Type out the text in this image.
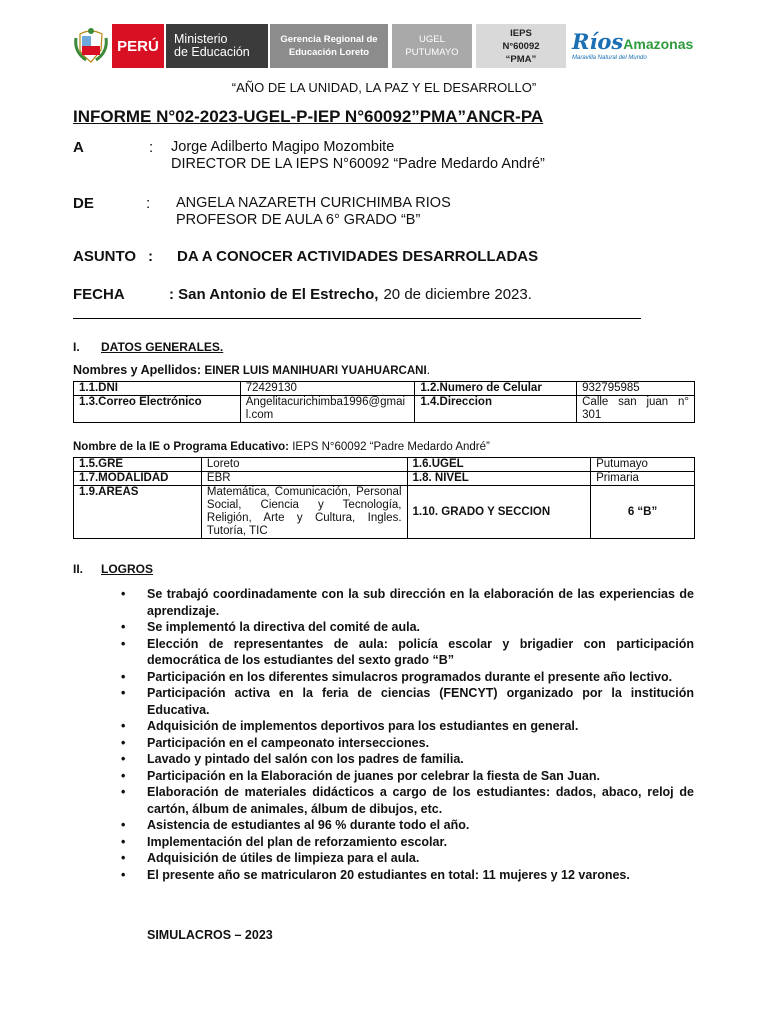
PERÚ	Ministerio
de Educación
Gerencia Regional de
Educación Loreto
UGEL
PUTUMAYO
IEPS
N°60092
“PMA”
RíosAmazonas
Maravilla Natural del Mundo
“AÑO DE LA UNIDAD, LA PAZ Y EL DESARROLLO”
INFORME N°02-2023-UGEL-P-IEP N°60092”PMA”ANCR-PA
A	:	Jorge Adilberto Magipo Mozombite
DIRECTOR DE LA IEPS N°60092 “Padre Medardo André”
DE	:	ANGELA NAZARETH CURICHIMBA RIOS
PROFESOR DE AULA 6° GRADO “B”
ASUNTO :	DA A CONOCER ACTIVIDADES DESARROLLADAS
FECHA	: San Antonio de El Estrecho, 20 de diciembre 2023.
I. DATOS GENERALES.
Nombres y Apellidos: EINER LUIS MANIHUARI YUAHUARCANI.
1.1.DNI	72429130	1.2.Numero de Celular	932795985
1.3.Correo Electrónico	Angelitacurichimba1996@gmail.com	1.4.Direccion	Calle san juan n° 301
Nombre de la IE o Programa Educativo: IEPS N°60092 “Padre Medardo André”
1.5.GRE	Loreto	1.6.UGEL	Putumayo
1.7.MODALIDAD	EBR	1.8. NIVEL	Primaria
1.9.AREAS	Matemática, Comunicación, Personal Social, Ciencia y Tecnología, Religión, Arte y Cultura, Ingles. Tutoría, TIC	1.10. GRADO Y SECCION	6 “B”
II. LOGROS
• Se trabajó coordinadamente con la sub dirección en la elaboración de las experiencias de aprendizaje.
• Se implementó la directiva del comité de aula.
• Elección de representantes de aula: policía escolar y brigadier con participación democrática de los estudiantes del sexto grado “B”
• Participación en los diferentes simulacros programados durante el presente año lectivo.
• Participación activa en la feria de ciencias (FENCYT) organizado por la institución Educativa.
• Adquisición de implementos deportivos para los estudiantes en general.
• Participación en el campeonato intersecciones.
• Lavado y pintado del salón con los padres de familia.
• Participación en la Elaboración de juanes por celebrar la fiesta de San Juan.
• Elaboración de materiales didácticos a cargo de los estudiantes: dados, abaco, reloj de cartón, álbum de animales, álbum de dibujos, etc.
• Asistencia de estudiantes al 96 % durante todo el año.
• Implementación del plan de reforzamiento escolar.
• Adquisición de útiles de limpieza para el aula.
• El presente año se matricularon 20 estudiantes en total: 11 mujeres y 12 varones.
SIMULACROS – 2023
